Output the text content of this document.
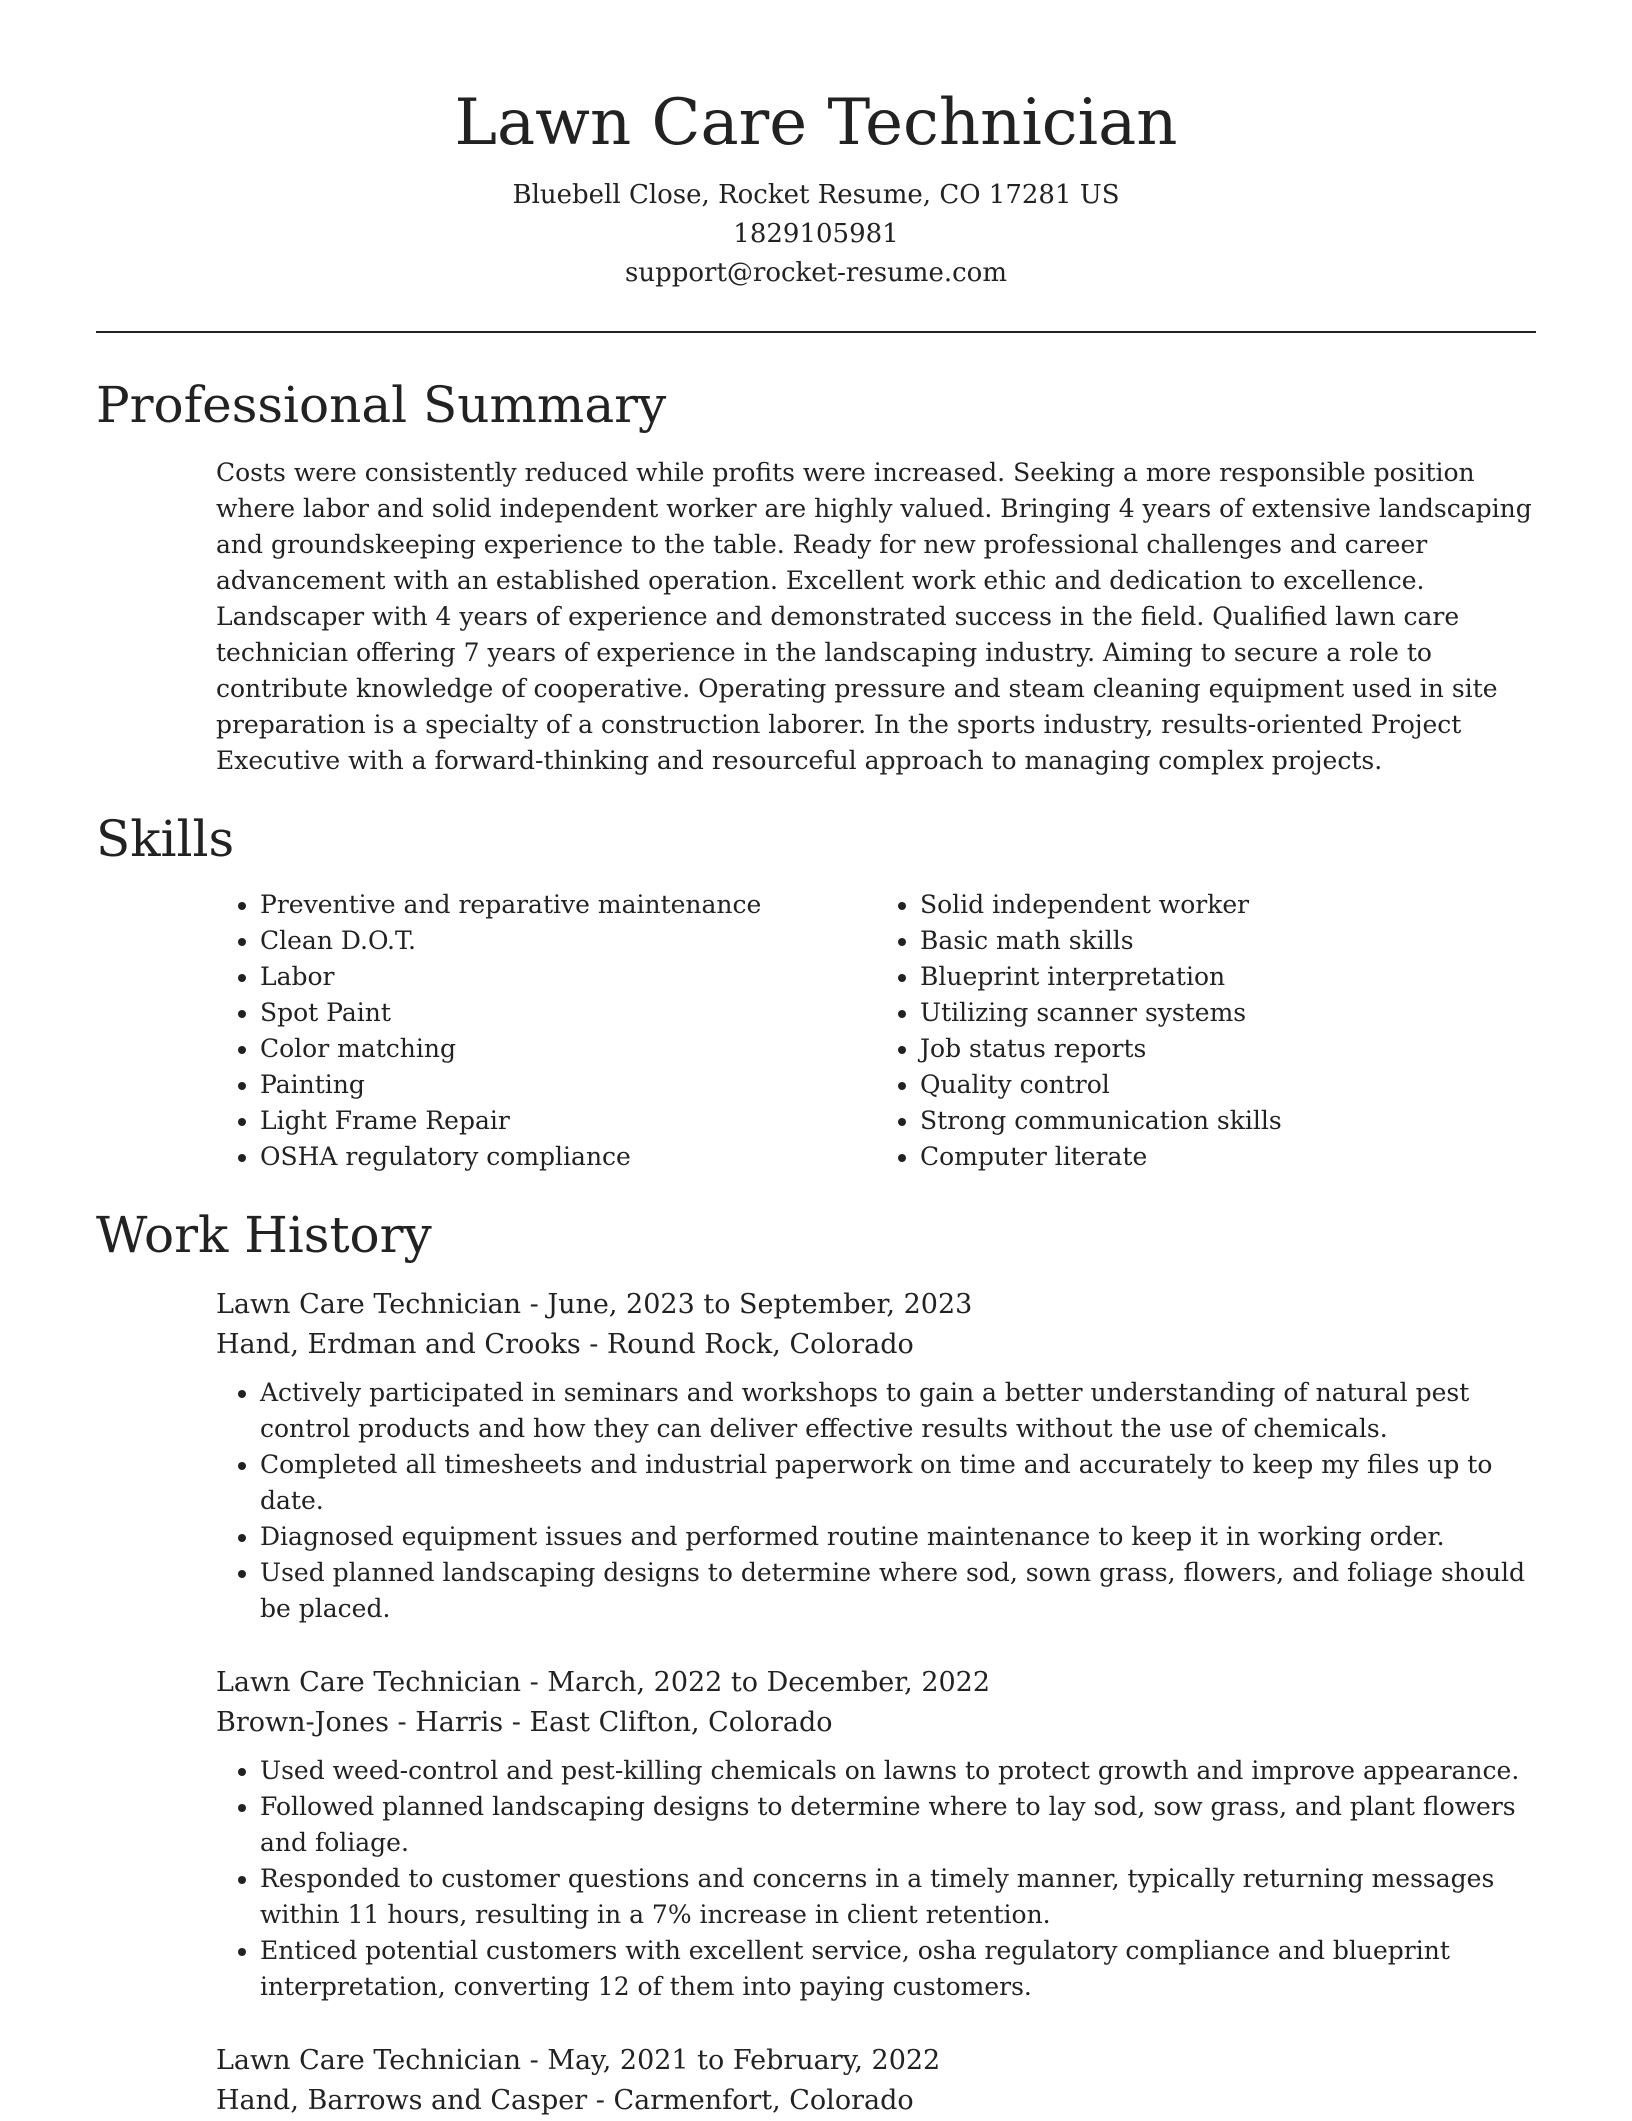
Lawn Care Technician
Bluebell Close, Rocket Resume, CO 17281 US
1829105981
support@rocket-resume.com
Professional Summary

Costs were consistently reduced while profits were increased. Seeking a more responsible position where labor and solid independent worker are highly valued. Bringing 4 years of extensive landscaping and groundskeeping experience to the table. Ready for new professional challenges and career advancement with an established operation. Excellent work ethic and dedication to excellence. Landscaper with 4 years of experience and demonstrated success in the field. Qualified lawn care technician offering 7 years of experience in the landscaping industry. Aiming to secure a role to contribute knowledge of cooperative. Operating pressure and steam cleaning equipment used in site preparation is a specialty of a construction laborer. In the sports industry, results-oriented Project Executive with a forward-thinking and resourceful approach to managing complex projects.

Skills
• Preventive and reparative maintenance
• Clean D.O.T.
• Labor
• Spot Paint
• Color matching
• Painting
• Light Frame Repair
• OSHA regulatory compliance
• Solid independent worker
• Basic math skills
• Blueprint interpretation
• Utilizing scanner systems
• Job status reports
• Quality control
• Strong communication skills
• Computer literate
Work History
Lawn Care Technician - June, 2023 to September, 2023
Hand, Erdman and Crooks - Round Rock, Colorado
• Actively participated in seminars and workshops to gain a better understanding of natural pest control products and how they can deliver effective results without the use of chemicals.
• Completed all timesheets and industrial paperwork on time and accurately to keep my files up to date.
• Diagnosed equipment issues and performed routine maintenance to keep it in working order.
• Used planned landscaping designs to determine where sod, sown grass, flowers, and foliage should be placed.
Lawn Care Technician - March, 2022 to December, 2022
Brown-Jones - Harris - East Clifton, Colorado
• Used weed-control and pest-killing chemicals on lawns to protect growth and improve appearance.
• Followed planned landscaping designs to determine where to lay sod, sow grass, and plant flowers and foliage.
• Responded to customer questions and concerns in a timely manner, typically returning messages within 11 hours, resulting in a 7% increase in client retention.
• Enticed potential customers with excellent service, osha regulatory compliance and blueprint interpretation, converting 12 of them into paying customers.
Lawn Care Technician - May, 2021 to February, 2022
Hand, Barrows and Casper - Carmenfort, Colorado
